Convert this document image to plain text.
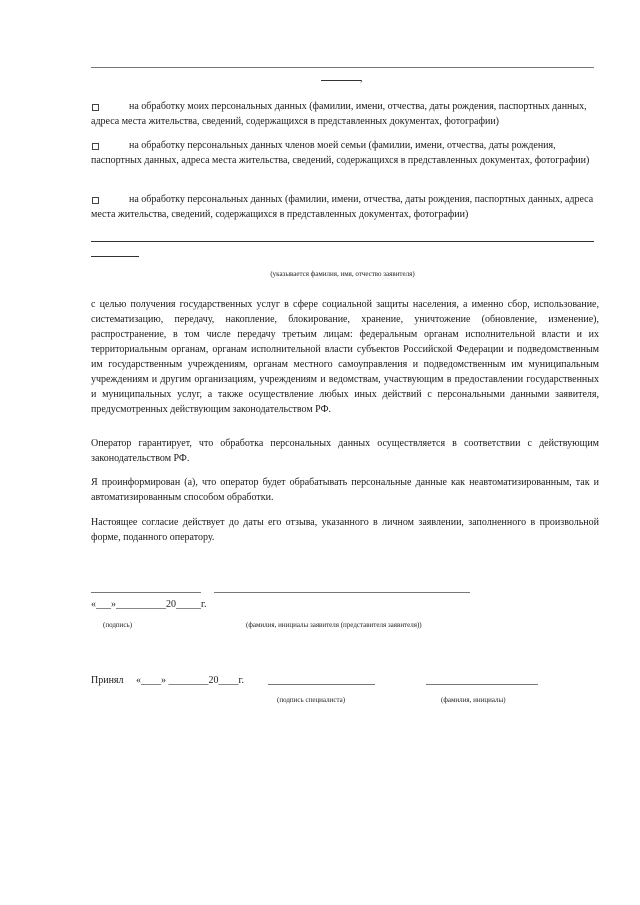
,

на обработку моих персональных данных (фамилии, имени, отчества, даты рождения, паспортных данных, адреса места жительства, сведений, содержащихся в представленных документах, фотографии)

на обработку персональных данных членов моей семьи (фамилии, имени, отчества, даты рождения, паспортных данных, адреса места жительства, сведений, содержащихся в представленных документах, фотографии)

на обработку персональных данных (фамилии, имени, отчества, даты рождения, паспортных данных, адреса места жительства, сведений, содержащихся в представленных документах, фотографии)

(указывается фамилия, имя, отчество заявителя)

с целью получения государственных услуг в сфере социальной защиты населения, а именно сбор, использование, систематизацию, передачу, накопление, блокирование, хранение, уничтожение (обновление, изменение), распространение, в том числе передачу третьим лицам: федеральным органам исполнительной власти и их территориальным органам, органам исполнительной власти субъектов Российской Федерации и подведомственным им государственным учреждениям, органам местного самоуправления и подведомственным им муниципальным учреждениям и другим организациям, учреждениям и ведомствам, участвующим в предоставлении государственных и муниципальных услуг, а также осуществление любых иных действий с персональными данными заявителя, предусмотренных действующим законодательством РФ.

Оператор гарантирует, что обработка персональных данных осуществляется в соответствии с действующим законодательством РФ.

Я проинформирован (а), что оператор будет обрабатывать персональные данные как неавтоматизированным, так и автоматизированным способом обработки.

Настоящее согласие действует до даты его отзыва, указанного в личном заявлении, заполненного в произвольной форме, поданного оператору.

«___»__________20_____г.
(подпись)	(фамилия, инициалы заявителя (представителя заявителя))
Принял «____» ________20____г.
(подпись специалиста)	(фамилия, инициалы)
